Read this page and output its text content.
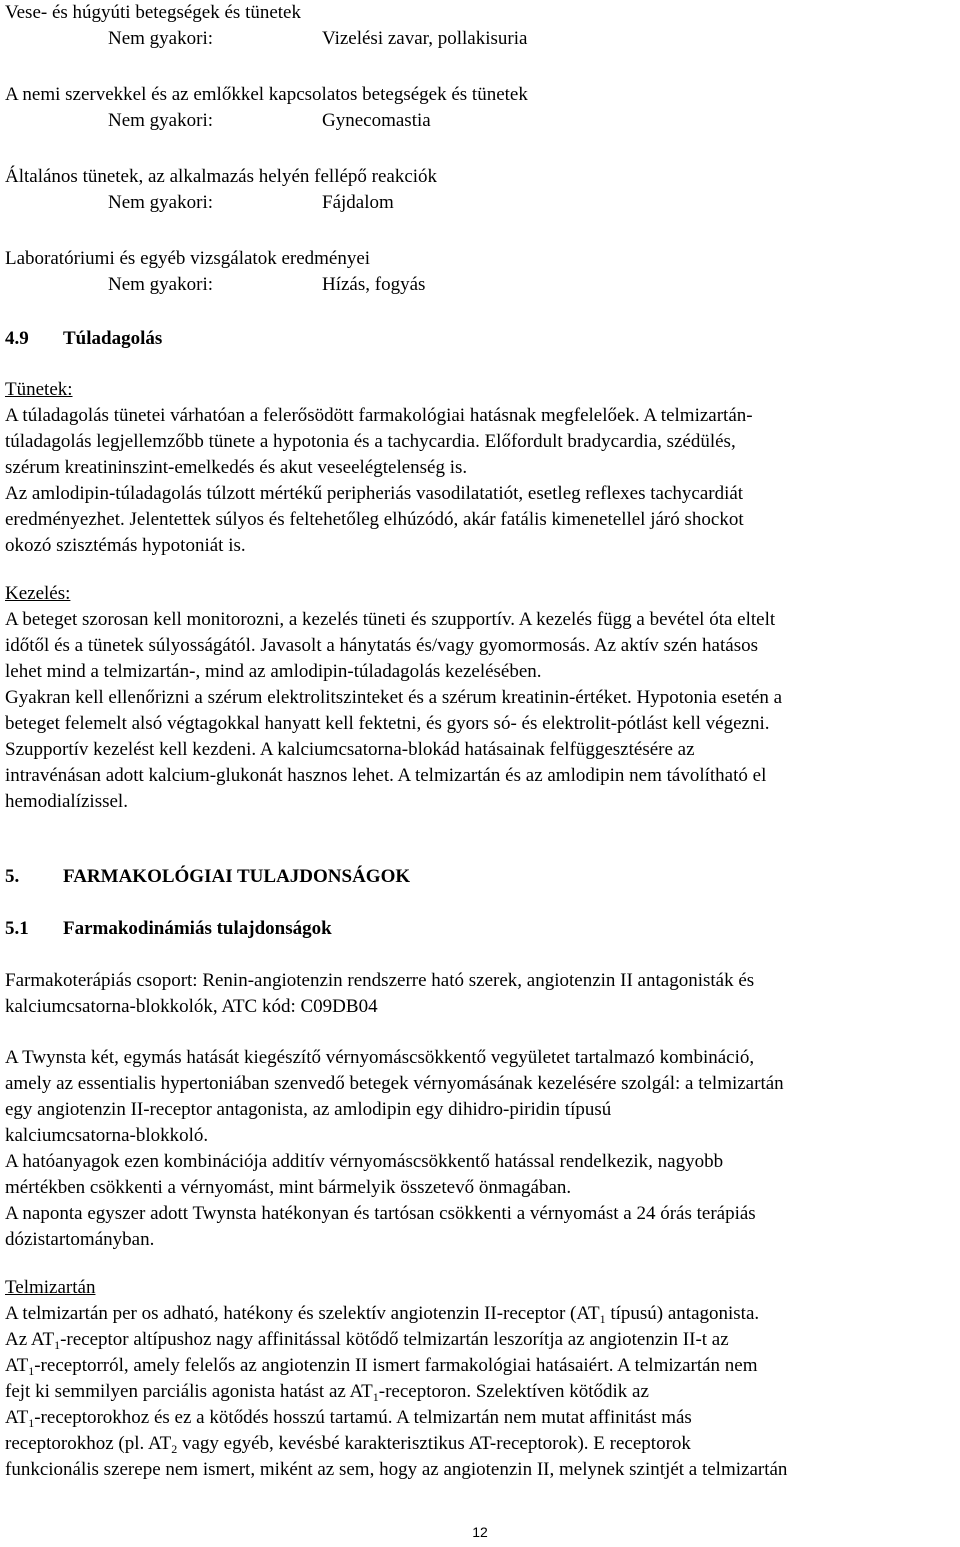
Vese- és húgyúti betegségek és tünetek
Nem gyakori:	Vizelési zavar, pollakisuria
A nemi szervekkel és az emlőkkel kapcsolatos betegségek és tünetek
Nem gyakori:	Gynecomastia
Általános tünetek, az alkalmazás helyén fellépő reakciók
Nem gyakori:	Fájdalom
Laboratóriumi és egyéb vizsgálatok eredményei
Nem gyakori:	Hízás, fogyás
4.9	Túladagolás
Tünetek:
A túladagolás tünetei várhatóan a felerősödött farmakológiai hatásnak megfelelőek. A telmizartán-
túladagolás legjellemzőbb tünete a hypotonia és a tachycardia. Előfordult bradycardia, szédülés,
szérum kreatininszint-emelkedés és akut veseelégtelenség is.
Az amlodipin-túladagolás túlzott mértékű peripheriás vasodilatatiót, esetleg reflexes tachycardiát
eredményezhet. Jelentettek súlyos és feltehetőleg elhúzódó, akár fatális kimenetellel járó shockot
okozó szisztémás hypotoniát is.
Kezelés:
A beteget szorosan kell monitorozni, a kezelés tüneti és szupportív. A kezelés függ a bevétel óta eltelt
időtől és a tünetek súlyosságától. Javasolt a hánytatás és/vagy gyomormosás. Az aktív szén hatásos
lehet mind a telmizartán-, mind az amlodipin-túladagolás kezelésében.
Gyakran kell ellenőrizni a szérum elektrolitszinteket és a szérum kreatinin-értéket. Hypotonia esetén a
beteget felemelt alsó végtagokkal hanyatt kell fektetni, és gyors só- és elektrolit-pótlást kell végezni.
Szupportív kezelést kell kezdeni. A kalciumcsatorna-blokád hatásainak felfüggesztésére az
intravénásan adott kalcium-glukonát hasznos lehet. A telmizartán és az amlodipin nem távolítható el
hemodialízissel.
5.	FARMAKOLÓGIAI TULAJDONSÁGOK
5.1	Farmakodinámiás tulajdonságok
Farmakoterápiás csoport: Renin-angiotenzin rendszerre ható szerek, angiotenzin II antagonisták és
kalciumcsatorna-blokkolók, ATC kód: C09DB04
A Twynsta két, egymás hatását kiegészítő vérnyomáscsökkentő vegyületet tartalmazó kombináció,
amely az essentialis hypertoniában szenvedő betegek vérnyomásának kezelésére szolgál: a telmizartán
egy angiotenzin II-receptor antagonista, az amlodipin egy dihidro-piridin típusú
kalciumcsatorna-blokkoló.
A hatóanyagok ezen kombinációja additív vérnyomáscsökkentő hatással rendelkezik, nagyobb
mértékben csökkenti a vérnyomást, mint bármelyik összetevő önmagában.
A naponta egyszer adott Twynsta hatékonyan és tartósan csökkenti a vérnyomást a 24 órás terápiás
dózistartományban.
Telmizartán
A telmizartán per os adható, hatékony és szelektív angiotenzin II-receptor ($AT_1$ típusú) antagonista.
Az $AT_1$-receptor altípushoz nagy affinitással kötődő telmizartán leszorítja az angiotenzin II-t az
$AT_1$-receptorról, amely felelős az angiotenzin II ismert farmakológiai hatásaiért. A telmizartán nem
fejt ki semmilyen parciális agonista hatást az $AT_1$-receptoron. Szelektíven kötődik az
$AT_1$-receptorokhoz és ez a kötődés hosszú tartamú. A telmizartán nem mutat affinitást más
receptorokhoz (pl. $AT_2$ vagy egyéb, kevésbé karakterisztikus AT-receptorok). E receptorok
funkcionális szerepe nem ismert, miként az sem, hogy az angiotenzin II, melynek szintjét a telmizartán
12
